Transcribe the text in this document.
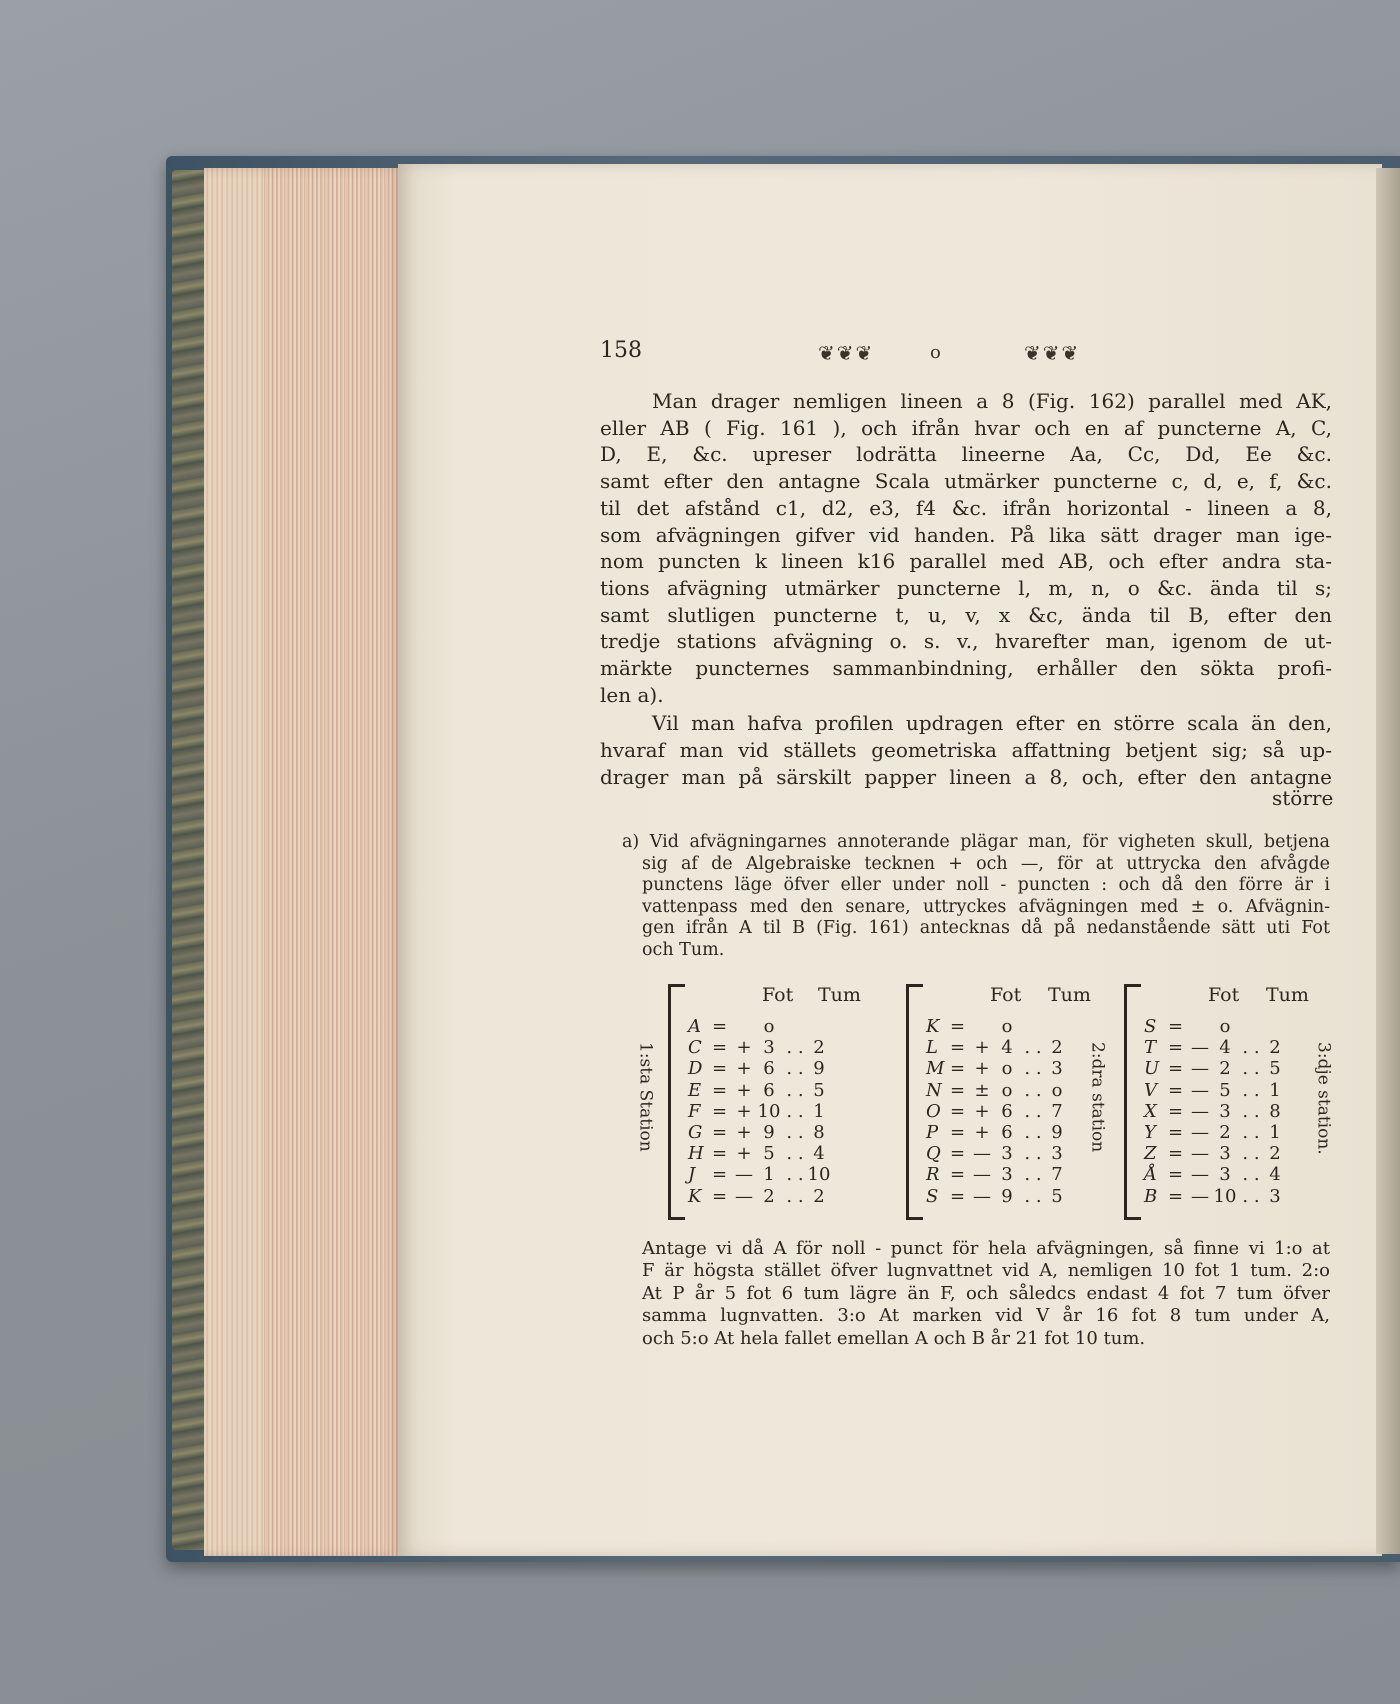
158	❦❦❦	o	❦❦❦
Man drager nemligen lineen a 8 (Fig. 162) parallel med AK,
eller AB ( Fig. 161 ), och ifrån hvar och en af puncterne A, C,
D, E, &c. upreser lodrätta lineerne Aa, Cc, Dd, Ee &c.
samt efter den antagne Scala utmärker puncterne c, d, e, f, &c.
til det afstånd c1, d2, e3, f4 &c. ifrån horizontal - lineen a 8,
som afvägningen gifver vid handen. På lika sätt drager man ige-
nom puncten k lineen k16 parallel med AB, och efter andra sta-
tions afvägning utmärker puncterne l, m, n, o &c. ända til s;
samt slutligen puncterne t, u, v, x &c, ända til B, efter den
tredje stations afvägning o. s. v., hvarefter man, igenom de ut-
märkte puncternes sammanbindning, erhåller den sökta profi-
len a).
Vil man hafva profilen updragen efter en större scala än den,
hvaraf man vid ställets geometriska affattning betjent sig; så up-
drager man på särskilt papper lineen a 8, och, efter den antagne
större
a) Vid afvägningarnes annoterande plägar man, för vigheten skull, betjena
sig af de Algebraiske tecknen + och —, för at uttrycka den afvågde
punctens läge öfver eller under noll - puncten : och då den förre är i
vattenpass med den senare, uttryckes afvägningen med ± o. Afvägnin-
gen ifrån A til B (Fig. 161) antecknas då på nedanstående sätt uti Fot
och Tum.
Fot Tum
A = o
C = + 3 . . 2
D = + 6 . . 9
E = + 6 . . 5
F = + 10 . . 1
G = + 9 . . 8
H = + 5 . . 4
J = — 1 . . 10
K = — 2 . . 2
1:sta Station
Fot Tum
K = o
L = + 4 . . 2
M = + o . . 3
N = ± o . . o
O = + 6 . . 7
P = + 6 . . 9
Q = — 3 . . 3
R = — 3 . . 7
S = — 9 . . 5
2:dra station
Fot Tum
S = o
T = — 4 . . 2
U = — 2 . . 5
V = — 5 . . 1
X = — 3 . . 8
Y = — 2 . . 1
Z = — 3 . . 2
Å = — 3 . . 4
B = — 10 . . 3
3:dje station.
Antage vi då A för noll - punct för hela afvägningen, så finne vi 1:o at
F är högsta stället öfver lugnvattnet vid A, nemligen 10 fot 1 tum. 2:o
At P år 5 fot 6 tum lägre än F, och såledcs endast 4 fot 7 tum öfver
samma lugnvatten. 3:o At marken vid V år 16 fot 8 tum under A,
och 5:o At hela fallet emellan A och B år 21 fot 10 tum.
